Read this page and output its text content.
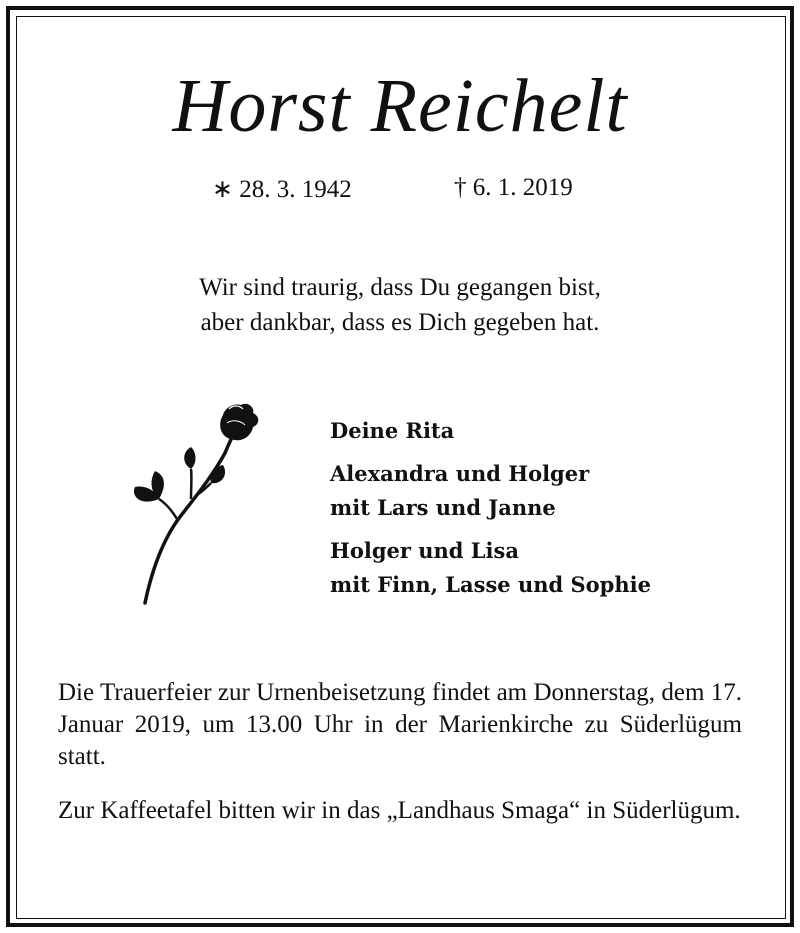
Horst Reichelt
∗ 28. 3. 1942	† 6. 1. 2019
Wir sind traurig, dass Du gegangen bist,
aber dankbar, dass es Dich gegeben hat.
Deine Rita
Alexandra und Holger
mit Lars und Janne
Holger und Lisa
mit Finn, Lasse und Sophie

Die Trauerfeier zur Urnenbeisetzung findet am Donnerstag, dem 17. Januar 2019, um 13.00 Uhr in der Marienkirche zu Süderlügum statt.

Zur Kaffeetafel bitten wir in das „Landhaus Smaga“ in Süderlügum.
